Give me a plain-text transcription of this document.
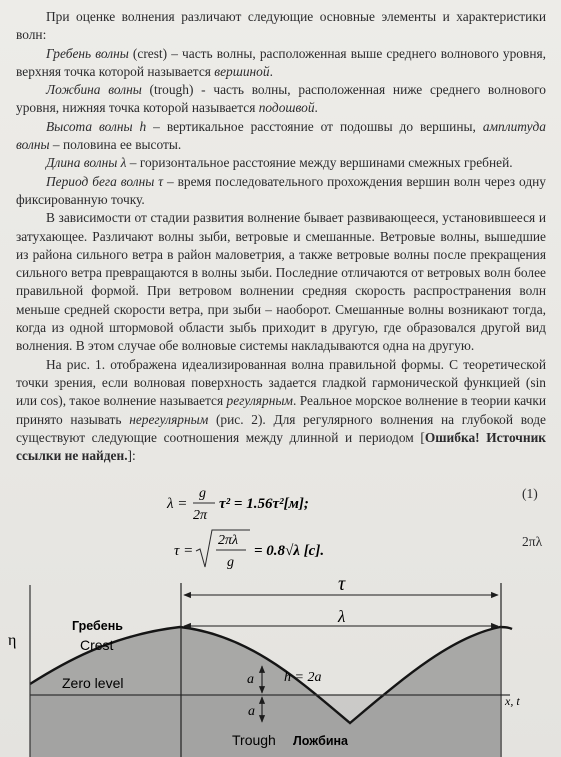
При оценке волнения различают следующие основные элементы и характеристики волн:

Гребень волны (crest) – часть волны, расположенная выше среднего волнового уровня, верхняя точка которой называется вершиной.

Ложбина волны (trough) - часть волны, расположенная ниже среднего волнового уровня, нижняя точка которой называется подошвой.

Высота волны h – вертикальное расстояние от подошвы до вершины, амплитуда волны – половина ее высоты.

Длина волны λ – горизонтальное расстояние между вершинами смежных гребней.

Период бега волны τ – время последовательного прохождения вершин волн через одну фиксированную точку.

В зависимости от стадии развития волнение бывает развивающееся, установившееся и затухающее. Различают волны зыби, ветровые и смешанные. Ветровые волны, вышедшие из района сильного ветра в район маловетрия, а также ветровые волны после прекращения сильного ветра превращаются в волны зыби. Последние отличаются от ветровых волн более правильной формой. При ветровом волнении средняя скорость распространения волн меньше средней скорости ветра, при зыби – наоборот. Смешанные волны возникают тогда, когда из одной штормовой области зыбь приходит в другую, где образовался другой вид волнения. В этом случае обе волновые системы накладываются одна на другую.

На рис. 1. отображена идеализированная волна правильной формы. С теоретической точки зрения, если волновая поверхность задается гладкой гармонической функцией (sin или cos), такое волнение называется регулярным. Реальное морское волнение в теории качки принято называть нерегулярным (рис. 2). Для регулярного волнения на глубокой воде существуют следующие соотношения между длинной и периодом [Ошибка! Источник ссылки не найден.]:

λ =
g
2π
τ² = 1.56τ²[м];
(1)
τ =
2πλ
g
= 0.8√λ [с].
2πλ
τ
λ
η
Гребень
Crest
Zero level	a
a
h = 2a
x, t
Trough Ложбина
